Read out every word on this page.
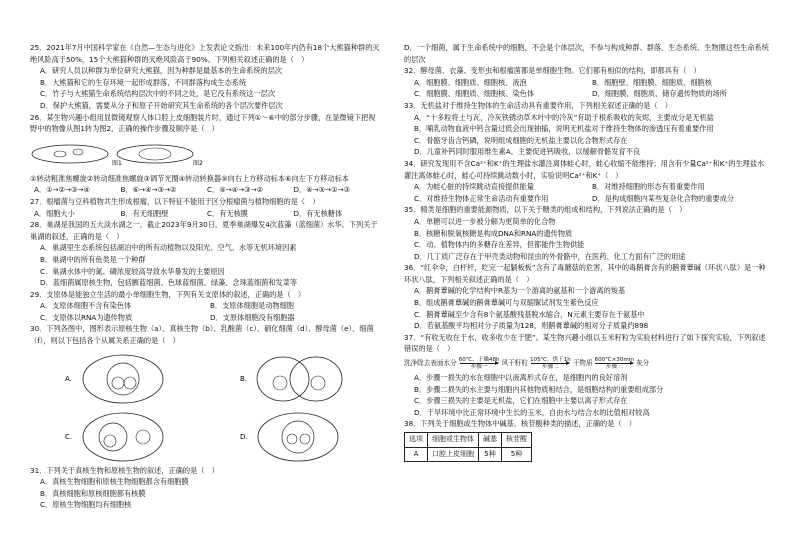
25．2021年7月中国科学家在《自然—生态与进化》上发表论文指出：未来100年内仍有18个大熊猫种群的灭绝风险高于50%，15个大熊猫种群的灭绝风险高于90%。下列相关叙述正确的是（　）

A．研究人员以种群为单位研究大熊猫，因为种群是最基本的生命系统的层次

B．大熊猫和它的生存环境一起形成群落，不同群落构成生态系统

C．竹子与大熊猫生命系统结构层次中的不同之处，是它没有系统这一层次

D．保护大熊猫，需要从分子和原子开始研究其生命系统的各个层次要件层次

26．某生物兴趣小组用显微镜观察人体口腔上皮细胞装片时，通过下列①～⑥中的部分步骤，在显微镜下把视野中的物像从图1转为图2，正确的操作步骤及顺序是（　）

图1	图2

①转动粗准焦螺旋②转动细准焦螺旋③调节光圈④转动转换器⑤向右上方移动标本⑥向左下方移动标本

A．①→②→③→④	B．⑥→④→③→②	C．⑤→④→③→②	D．④→⑤→①→③

27．根瘤菌与豆科植物共生形成根瘤，以下特征不能用于区分根瘤菌与植物细胞的是（　）

A．细胞大小	B．有无细胞壁	C．有无核膜	D．有无核糖体

28．巢湖是我国的五大淡水湖之一，截止2023年9月30日，夏季巢湖爆发4次蓝藻（蓝细菌）水华。下列关于巢湖的叙述，正确的是（　）

A．巢湖里生态系统包括湖泊中的所有动植物以及阳光、空气、水等无机环境因素

B．巢湖中的所有鱼类是一个种群

C．巢湖水体中的氮、磷浓度较高导致水华暴发的主要原因

D．蓝细菌属原核生物，包括颤蓝细菌、色球蓝细菌、绿藻、念珠蓝细菌和发菜等

29．支原体是能独立生活的最小单细胞生物，下列有关支原体的叙述，正确的是（　）

A．支原体细胞不含有染色体	B．支原体细胞是动物细胞
C．支原体以RNA为遗传物质	D．支原体细胞没有细胞器

30．下列各图中，图形表示原核生物（a）、真核生物（b）、乳酸菌（c）、硝化细菌（d）、酵母菌（e）、细菌（f），则以下包括各个从属关系正确的是（　）

A.	B.
C.	D.

31．下列关于真核生物和原核生物的叙述，正确的是（　）

A．真核生物细胞和原核生物细胞都含有细胞膜

B．真核细胞和原核细胞都有核膜

C．原核生物细胞均有细胞核

D．一个细菌，属于生命系统中的细胞，不会是个体层次，不参与构成种群、群落、生态系统、生物圈这些生命系统的层次

32．酵母菌、衣藻、变形虫和根瘤菌都是单细胞生物。它们都有相似的结构，即都具有（　）

A．细胞膜、细胞质、细胞核、液泡	B．细胞壁、细胞膜、细胞质、细胞核
C．细胞膜、细胞质、细胞核、染色体	D．细胞膜、细胞质、储存遗传物质的场所

33．无机盐对于维持生物体的生命活动具有重要作用，下列相关叙述正确的是（　）

A．“十多粒将土与瓦，冷灰铁锈动草木叶中的冷灰”有助于根系吸收的灰烬，主要成分是无机盐

B．哺乳动物血液中钙含量过低会出现抽搐，说明无机盐对于维持生物体的渗透压有着重要作用

C．骨骼牙齿含钙磷，说明组成细胞的无机盐主要以化合物形式存在

D．儿童补钙同时服用维生素A，主要促进钙吸收，以缓解骨骼发育不良

34．研究发现用不含Ca²⁺和K⁺的生理盐水灌注离体蛙心时，蛙心收缩不能维持；用含有少量Ca²⁺和K⁺的生理盐水灌注离体蛙心时，蛙心可持续跳动数小时，实验说明Ca²⁺和K⁺（　）

A．为蛙心脏的持续跳动直接提供能量	B．对维持细胞的形态有着重要作用
C．对维持生物体正常生命活动有重要作用	D．是构成细胞内某些复杂化合物的重要成分

35．精类是细胞的重要能源物质，以下关于糖类的组成和结构，下列说法正确的是（　）

A．单糖可以进一步被分解为更简单的化合物

B．核糖和脱氧核糖是构成DNA和RNA的遗传物质

C．动、植物体内的多糖存在差异，但都能作生物供能

D．几丁质广泛存在于甲壳类动物和昆虫的外骨骼中，在医药、化工方面有广泛的用途

36．“红伞伞，白杆杆，吃完一起躺板板”含有了毒蘑菇的危害，其中的毒鹅膏含有的鹅膏蕈碱（环状八肽）是一种环状八肽，下列相关叙述正确的是（　）

A．鹅膏蕈碱的化学结构中R基为一个游离的氨基和一个游离的羧基

B．组成鹅膏蕈碱的鹅膏蕈碱可与双缩脲试剂发生紫色反应

C．鹅膏蕈碱至少含有8个氨基酸残基脱水缩合，N元素主要存在于氨基中

D．若氨基酸平均相对分子质量为128，则鹅膏蕈碱的相对分子质量约898

37．“有收无收在于水，收多收少在于肥”。某生物兴趣小组以玉米籽粒为实验材料进行了如下探究实验，下列叙述错误的是（　）

洗净除去表面水分 60℃、干燥48h
步骤一
风干籽粒 105℃，烘干1h
步骤二
干物质 600℃×30min
步骤三
灰分

A．步骤一损失的水在细胞中以液离形式存在，是细胞内的良好溶剂

B．步骤二损失的水主要与细胞内其他物质相结合，是细胞结构的重要组成部分

C．步骤三损失的主要是无机盐，它们在细胞中主要以离子形式存在

D．干旱环境中比正常环境中生长的玉米，自由水与结合水的比值相对较高

38．下列关于细胞或生物体中碱基、核苷酸种类的描述，正确的是（　）

选项	细胞或生物体	碱基	核苷酸
A	口腔上皮细胞	5种	5种
